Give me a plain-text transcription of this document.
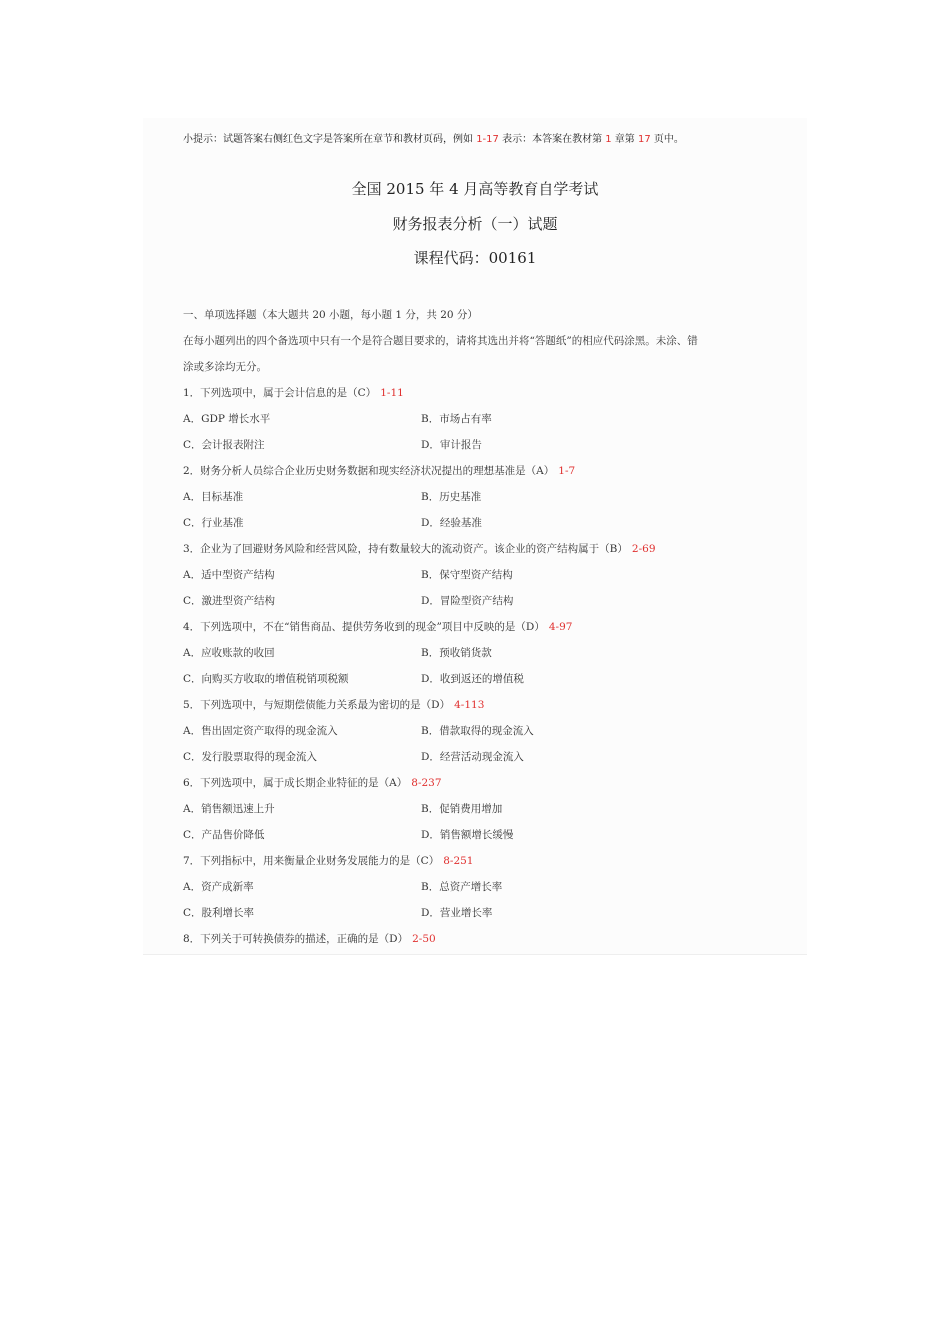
小提示：试题答案右侧红色文字是答案所在章节和教材页码，例如 1-17 表示：本答案在教材第 1 章第 17 页中。
全国 2015 年 4 月高等教育自学考试
财务报表分析（一）试题
课程代码：00161
一、单项选择题（本大题共 20 小题，每小题 1 分，共 20 分）
在每小题列出的四个备选项中只有一个是符合题目要求的，请将其选出并将“答题纸”的相应代码涂黑。未涂、错
涂或多涂均无分。
1．下列选项中，属于会计信息的是（C） 1-11
A．GDP 增长水平	B．市场占有率
C．会计报表附注	D．审计报告
2．财务分析人员综合企业历史财务数据和现实经济状况提出的理想基准是（A） 1-7
A．目标基准	B．历史基准
C．行业基准	D．经验基准
3．企业为了回避财务风险和经营风险，持有数量较大的流动资产。该企业的资产结构属于（B） 2-69
A．适中型资产结构	B．保守型资产结构
C．激进型资产结构	D．冒险型资产结构
4．下列选项中，不在“销售商品、提供劳务收到的现金”项目中反映的是（D） 4-97
A．应收账款的收回	B．预收销货款
C．向购买方收取的增值税销项税额	D．收到返还的增值税
5．下列选项中，与短期偿债能力关系最为密切的是（D） 4-113
A．售出固定资产取得的现金流入	B．借款取得的现金流入
C．发行股票取得的现金流入	D．经营活动现金流入
6．下列选项中，属于成长期企业特征的是（A） 8-237
A．销售额迅速上升	B．促销费用增加
C．产品售价降低	D．销售额增长缓慢
7．下列指标中，用来衡量企业财务发展能力的是（C） 8-251
A．资产成新率	B．总资产增长率
C．股利增长率	D．营业增长率
8．下列关于可转换债券的描述，正确的是（D） 2-50
